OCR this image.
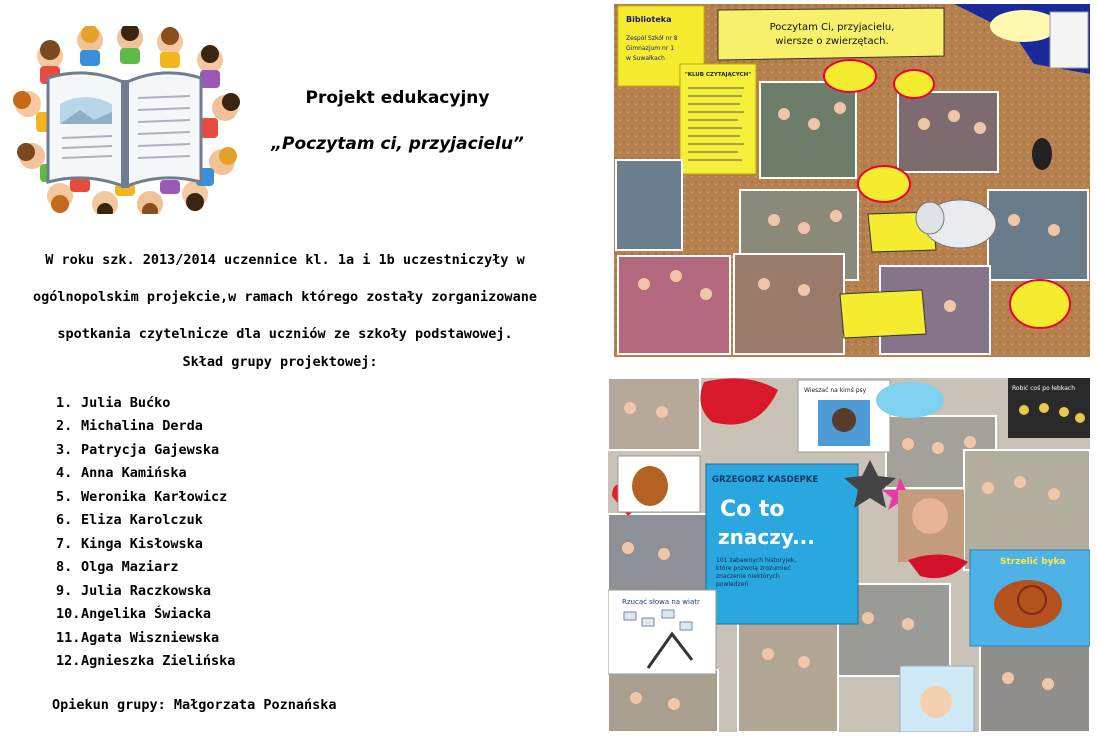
Projekt edukacyjny
„Poczytam ci, przyjacielu”
W roku szk. 2013/2014 uczennice kl. 1a i 1b uczestniczyły w
ogólnopolskim projekcie,w ramach którego zostały zorganizowane
spotkania czytelnicze dla uczniów ze szkoły podstawowej.
Skład grupy projektowej:
1. Julia Bućko
2. Michalina Derda
3. Patrycja Gajewska
4. Anna Kamińska
5. Weronika Karłowicz
6. Eliza Karolczuk
7. Kinga Kisłowska
8. Olga Maziarz
9. Julia Raczkowska
10. Angelika Świacka
11. Agata Wiszniewska
12. Agnieszka Zielińska
Opiekun grupy: Małgorzata Poznańska
Biblioteka
Zespół Szkół nr 8 Gimnazjum nr 1 w Suwałkach
Poczytam Ci, przyjacielu, wiersze o zwierzętach.
"KLUB CZYTAJĄCYCH"
GRZEGORZ KASDEPKE
Co to
znaczy...
101 zabawnych historyjek, które pozwolą zrozumieć znaczenie niektórych powiedzeń
Wieszać na kimś psy	Robić coś po łebkach
Strzelić byka
Rzucać słowa na wiatr
